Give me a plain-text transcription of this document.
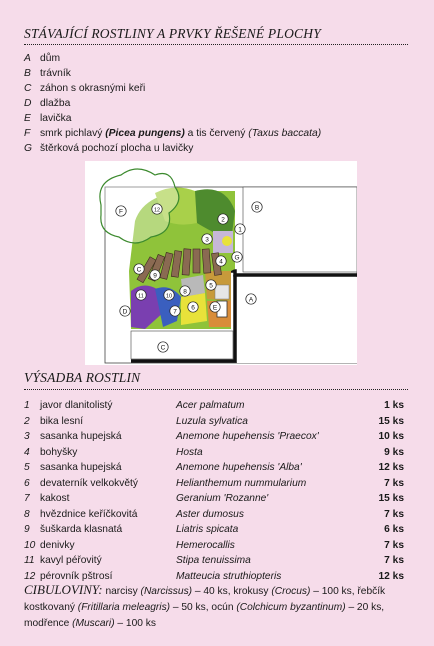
STÁVAJÍCÍ ROSTLINY A PRVKY ŘEŠENÉ PLOCHY
A dům
B trávník
C záhon s okrasnými keři
D dlažba
E lavička
F smrk pichlavý (Picea pungens) a tis červený (Taxus baccata)
G štěrková pochozí plocha u lavičky
F
B
G
C
D
E
A
C
1
2
3
4
5
6
7
8
9
10
11
12
VÝSADBA ROSTLIN
1	javor dlanitolistý	Acer palmatum	1 ks
2	bika lesní	Luzula sylvatica	15 ks
3	sasanka hupejská	Anemone hupehensis 'Praecox'	10 ks
4	bohyšky	Hosta	9 ks
5	sasanka hupejská	Anemone hupehensis 'Alba'	12 ks
6	devaterník velkokvětý	Helianthemum nummularium	7 ks
7	kakost	Geranium 'Rozanne'	15 ks
8	hvězdnice keříčkovitá	Aster dumosus	7 ks
9	šuškarda klasnatá	Liatris spicata	6 ks
10 denivky	Hemerocallis	7 ks
11 kavyl péřovitý	Stipa tenuissima	7 ks
12 pérovník pštrosí	Matteucia struthiopteris	12 ks
CIBULOVINY: narcisy (Narcissus) – 40 ks, krokusy (Crocus) – 100 ks, řebčík kostkovaný (Fritillaria meleagris) – 50 ks, ocún (Colchicum byzantinum) – 20 ks, modřence (Muscari) – 100 ks
